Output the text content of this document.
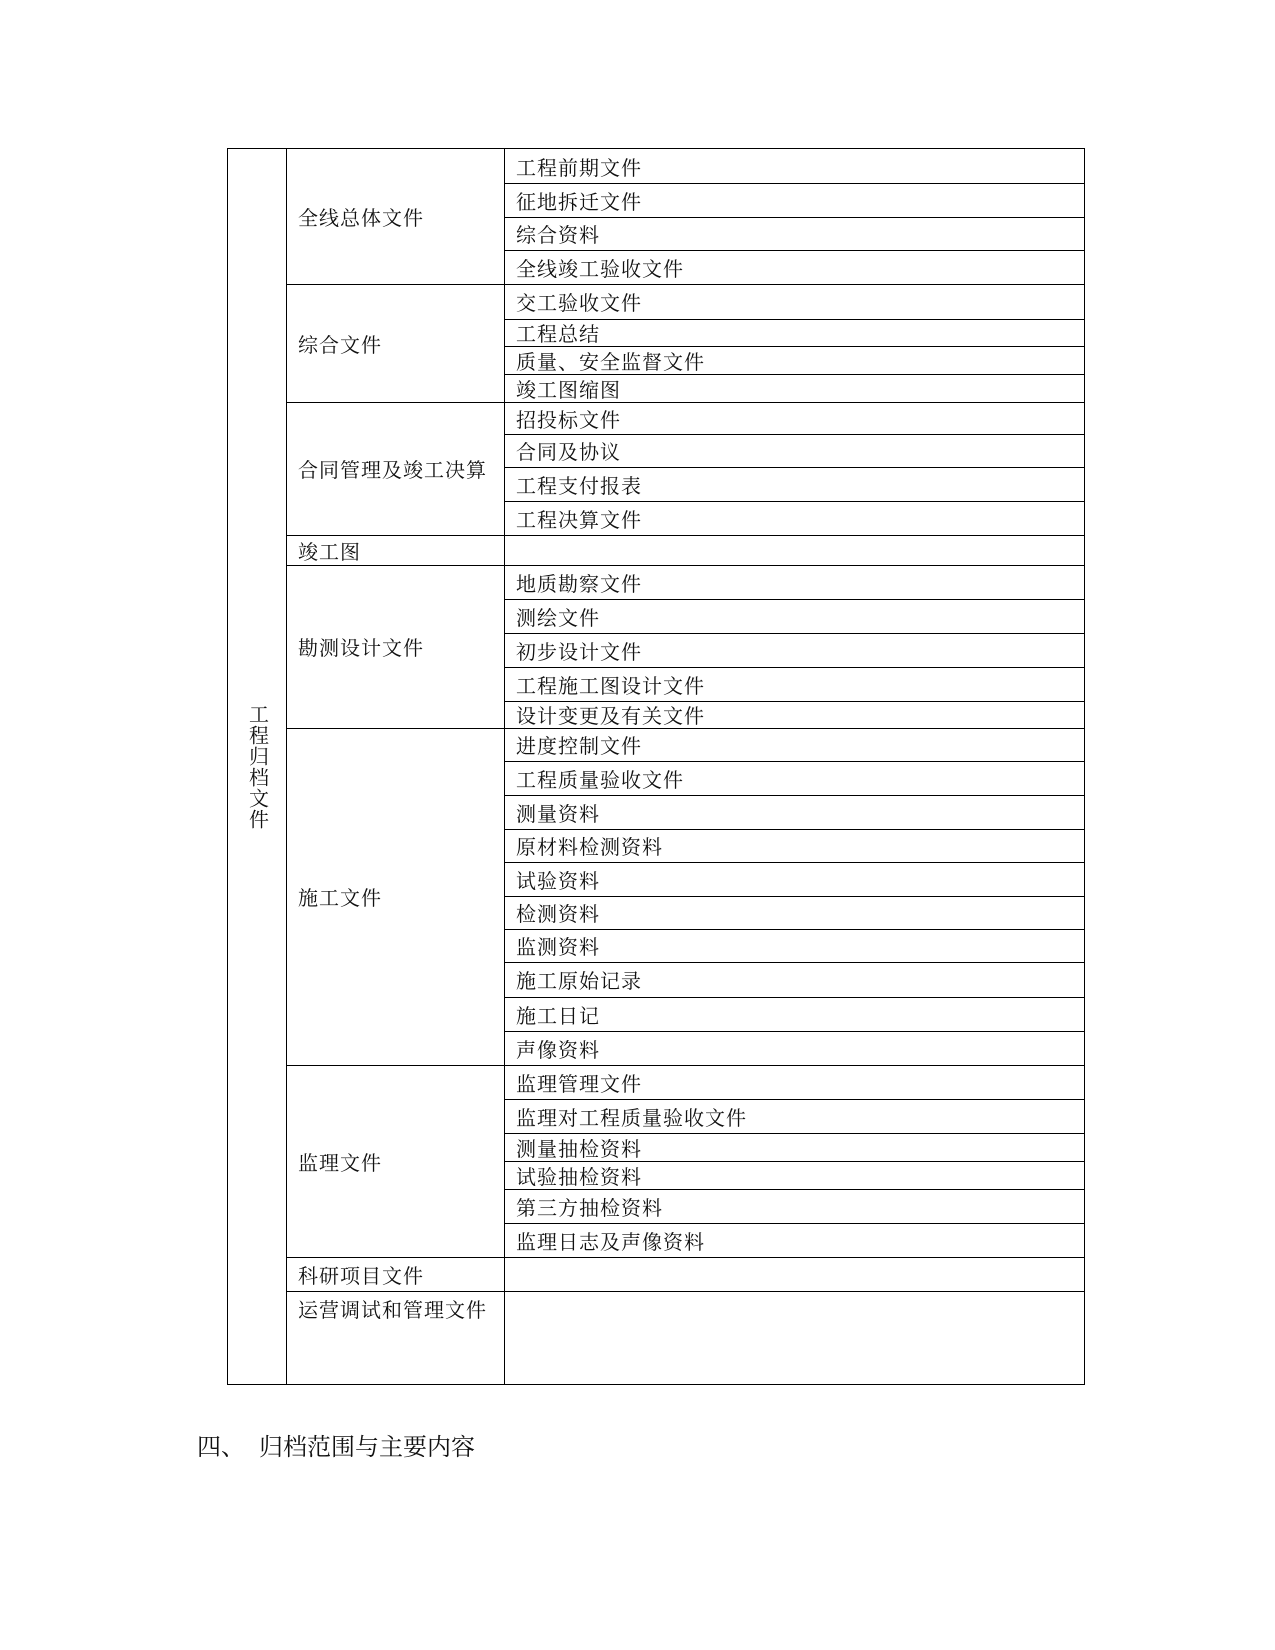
工程归档文件
全线总体文件
工程前期文件
征地拆迁文件
综合资料
全线竣工验收文件
综合文件
交工验收文件
工程总结
质量、安全监督文件
竣工图缩图
合同管理及竣工决算
招投标文件
合同及协议
工程支付报表
工程决算文件
竣工图
勘测设计文件
地质勘察文件
测绘文件
初步设计文件
工程施工图设计文件
设计变更及有关文件
施工文件
进度控制文件
工程质量验收文件
测量资料
原材料检测资料
试验资料
检测资料
监测资料
施工原始记录
施工日记
声像资料
监理文件
监理管理文件
监理对工程质量验收文件
测量抽检资料
试验抽检资料
第三方抽检资料
监理日志及声像资料
科研项目文件
运营调试和管理文件
四、 归档范围与主要内容
